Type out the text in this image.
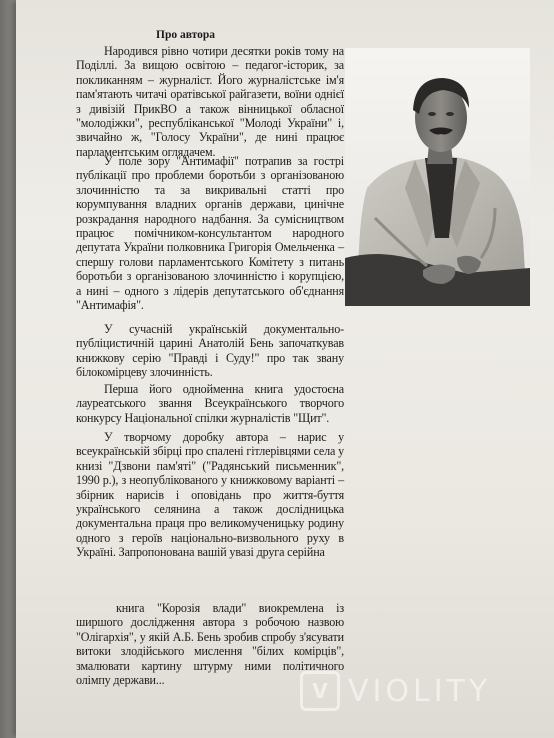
Про автора

Народився рівно чотири десятки років тому на Поділлі. За вищою освітою – педагог-історик, за покликанням – журналіст. Його журналістське ім'я пам'ятають читачі оратівської райгазети, воїни однієї з дивізій ПрикВО а також вінницької обласної "молодіжки", республіканської "Молоді України" і, звичайно ж, "Голосу України", де нині працює парламентським оглядачем.

У поле зору "Антимафії" потрапив за гострі публікації про проблеми боротьби з організованою злочинністю та за викривальні статті про корумпування владних органів держави, цинічне розкрадання народного надбання. За сумісництвом працює помічником-консультантом народного депутата України полковника Григорія Омельченка – спершу голови парламентського Комітету з питань боротьби з організованою злочинністю і корупцією, а нині – одного з лідерів депутатського об'єднання "Антимафія".

У сучасній українській документально-публіцистичній царині Анатолій Бень започаткував книжкову серію "Правді і Суду!" про так звану білокомірцеву злочинність.

Перша його однойменна книга удостоєна лауреатського звання Всеукраїнського творчого конкурсу Національної спілки журналістів "Щит".

У творчому доробку автора – нарис у всеукраїнській збірці про спалені гітлерівцями села у книзі "Дзвони пам'яті" ("Радянський письменник", 1990 р.), з неопублікованого у книжковому варіанті – збірник нарисів і оповідань про життя-буття українського селянина а також дослідницька документальна праця про великомученицьку родину одного з героїв національно-визвольного руху в Україні. Запропонована вашій увазі друга серійна

книга "Корозія влади" виокремлена із ширшого дослідження автора з робочою назвою "Олігархія", у якій А.Б. Бень зробив спробу з'ясувати витоки злодійського мислення "білих комірців", змалювати картину штурму ними політичного олімпу держави...	V VIOLITY
